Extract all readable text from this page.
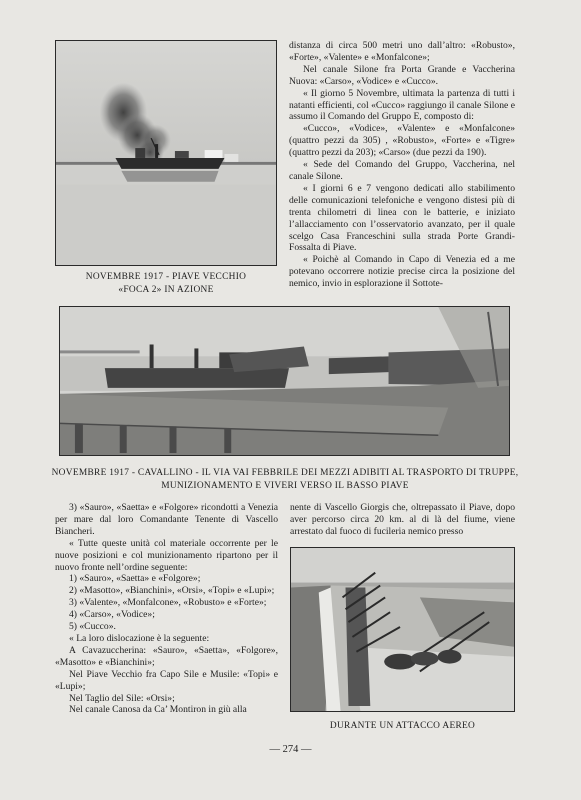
NOVEMBRE 1917 - PIAVE VECCHIO
«FOCA 2» IN AZIONE

distanza di circa 500 metri uno dall’altro: «Robusto», «Forte», «Valente» e «Monfalcone»;

Nel canale Silone fra Porta Grande e Vaccherina Nuova: «Carso», «Vodice» e «Cucco».

« Il giorno 5 Novembre, ultimata la partenza di tutti i natanti efficienti, col «Cucco» raggiungo il canale Silone e assumo il Comando del Gruppo E, composto di:

«Cucco», «Vodice», «Valente» e «Monfalcone» (quattro pezzi da 305) , «Robusto», «Forte» e «Tigre» (quattro pezzi da 203); «Carso» (due pezzi da 190).

« Sede del Comando del Gruppo, Vaccherina, nel canale Silone.

« I giorni 6 e 7 vengono dedicati allo stabilimento delle comunicazioni telefoniche e vengono distesi più di trenta chilometri di linea con le batterie, e iniziato l’allacciamento con l’osservatorio avanzato, per il quale scelgo Casa Franceschini sulla strada Porte Grandi-Fossalta di Piave.

« Poichè al Comando in Capo di Venezia ed a me potevano occorrere notizie precise circa la posizione del nemico, invio in esplorazione il Sottote-

NOVEMBRE 1917 - CAVALLINO - IL VIA VAI FEBBRILE DEI MEZZI ADIBITI AL TRASPORTO DI TRUPPE,
MUNIZIONAMENTO E VIVERI VERSO IL BASSO PIAVE

3) «Sauro», «Saetta» e «Folgore» ricondotti a Venezia per mare dal loro Comandante Tenente di Vascello Biancheri.

« Tutte queste unità col materiale occorrente per le nuove posizioni e col munizionamento ripartono per il nuovo fronte nell’ordine seguente:

1) «Sauro», «Saetta» e «Folgore»;

2) «Masotto», «Bianchini», «Orsi», «Topi» e «Lupi»;

3) «Valente», «Monfalcone», «Robusto» e «Forte»;

4) «Carso», «Vodice»;

5) «Cucco».

« La loro dislocazione è la seguente:

A Cavazuccherina: «Sauro», «Saetta», «Folgore», «Masotto» e «Bianchini»;

Nel Piave Vecchio fra Capo Sile e Musile: «Topi» e «Lupi»;

Nel Taglio del Sile: «Orsi»;

Nel canale Canosa da Ca’ Montiron in giù alla

nente di Vascello Giorgis che, oltrepassato il Piave, dopo aver percorso circa 20 km. al di là del fiume, viene arrestato dal fuoco di fucileria nemico presso

DURANTE UN ATTACCO AEREO
— 274 —
